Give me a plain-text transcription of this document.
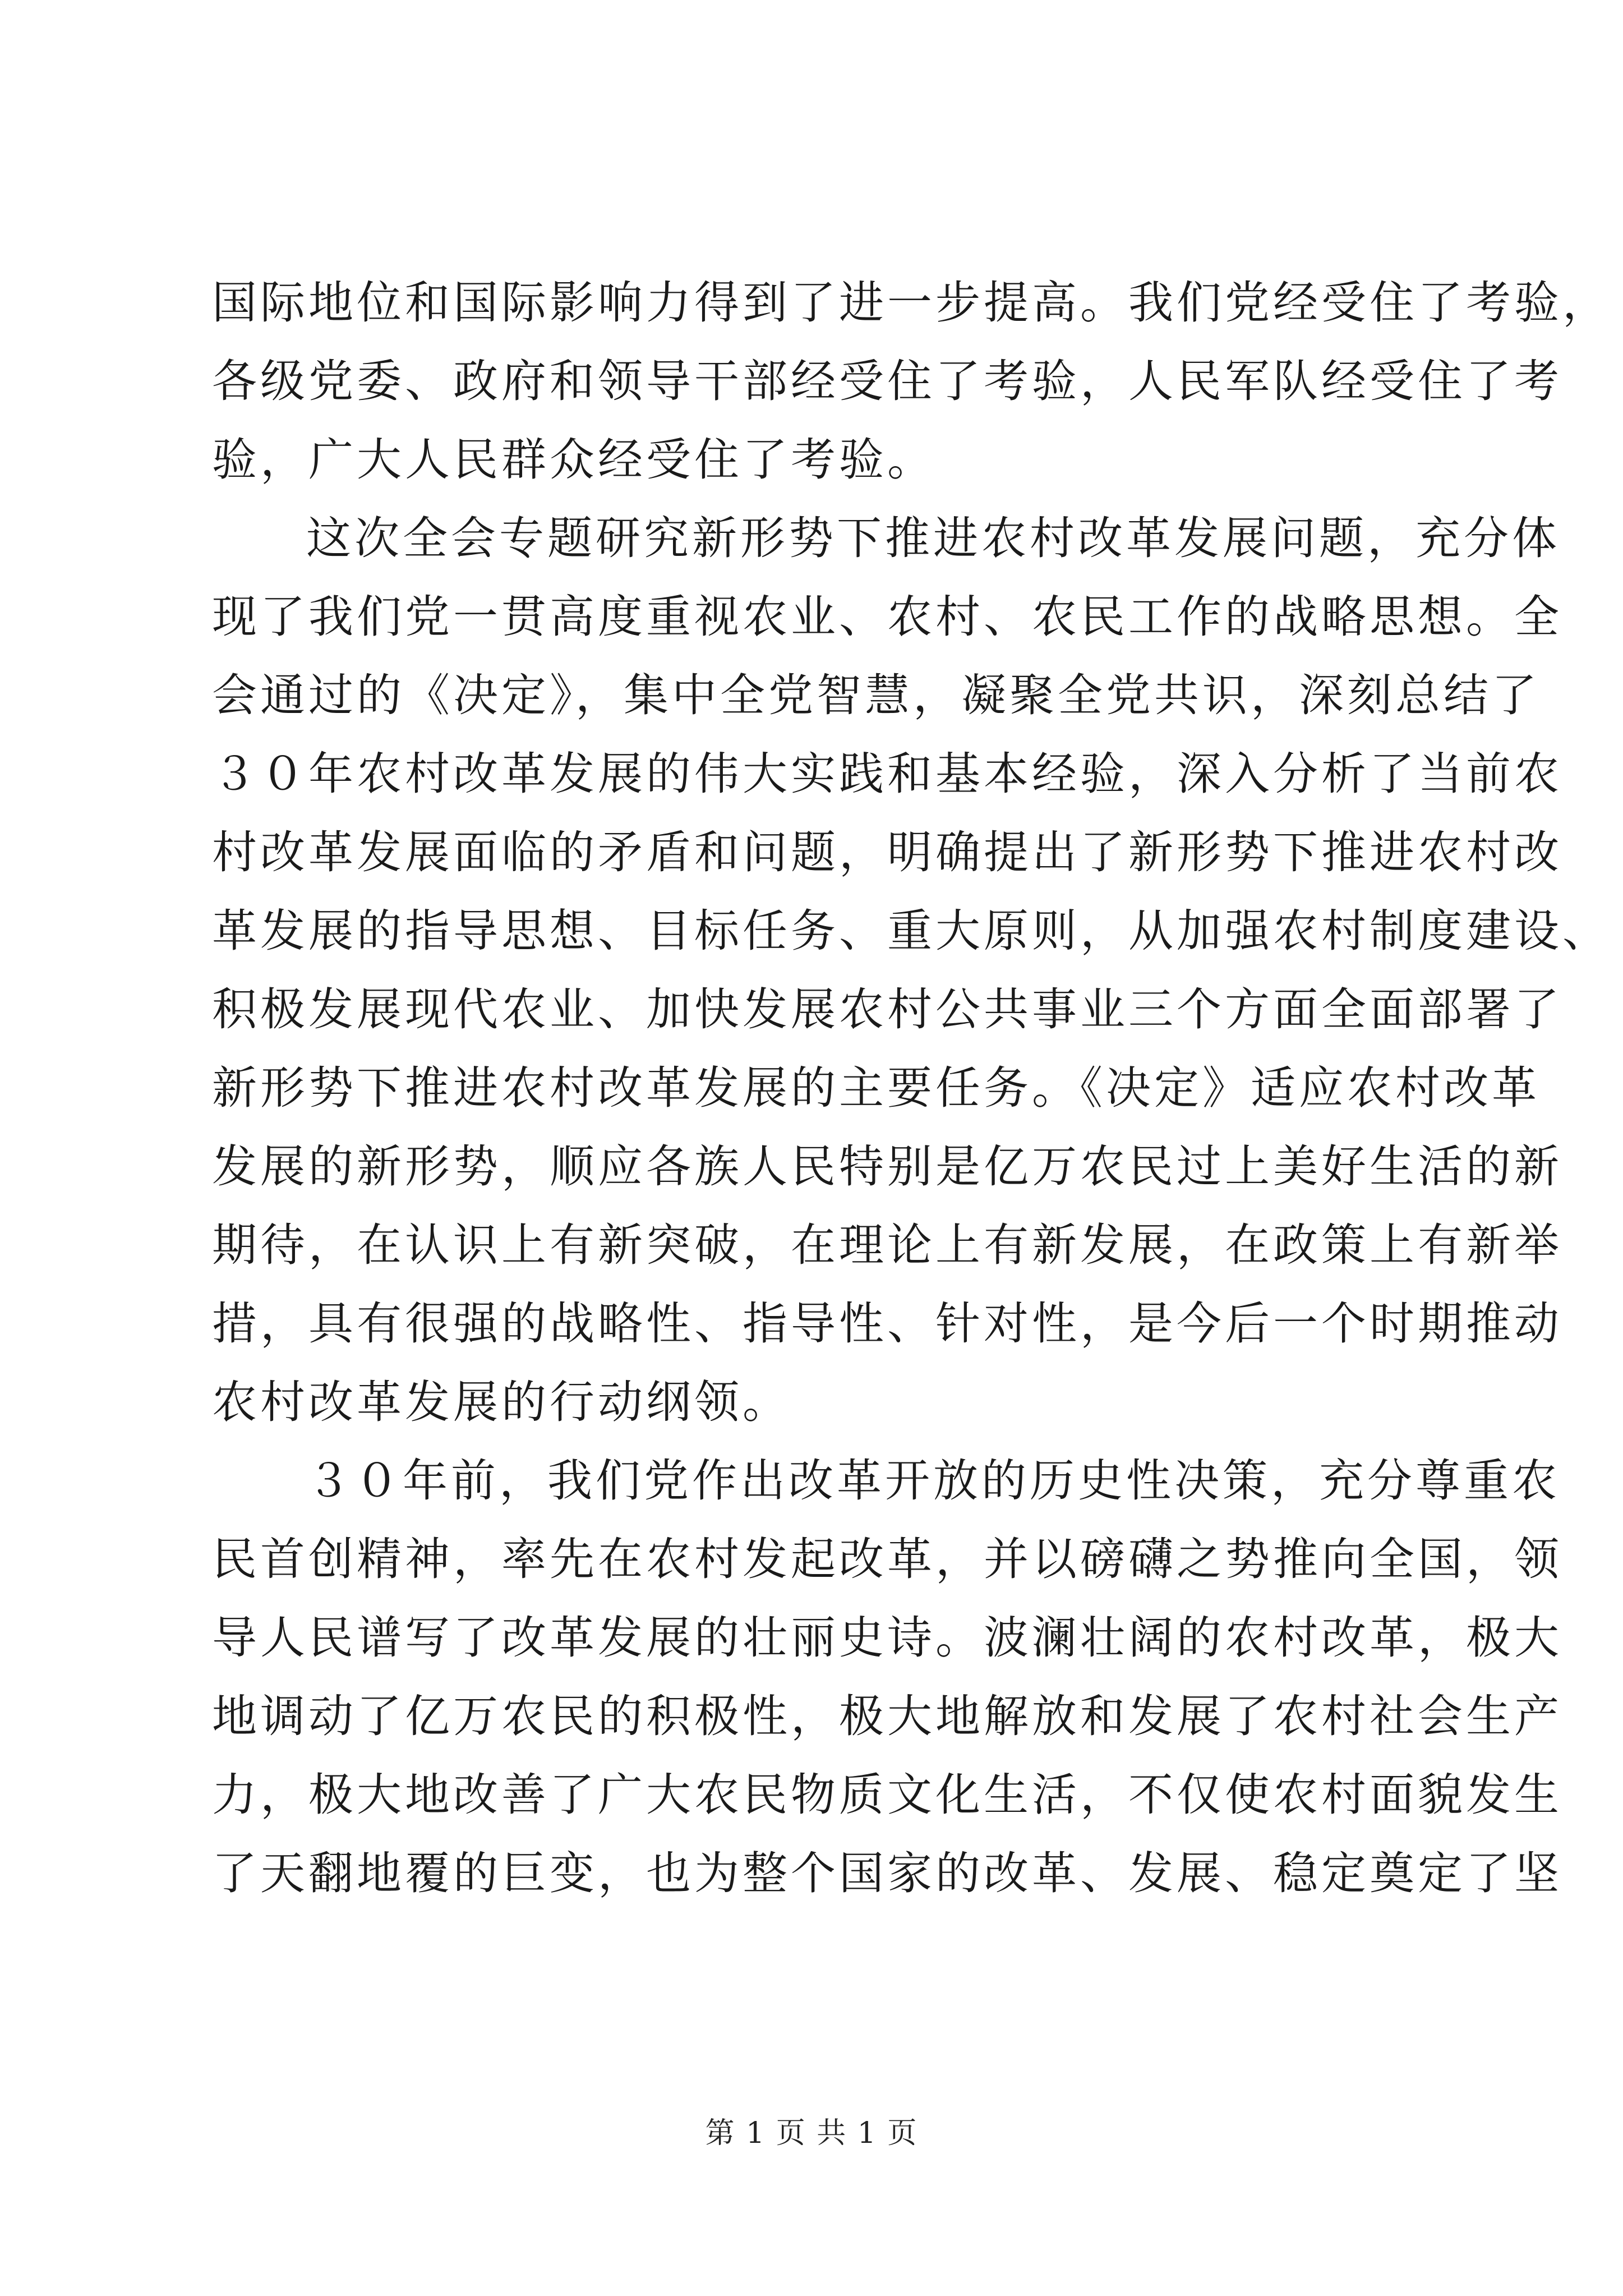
国际地位和国际影响力得到了进一步提高。我们党经受住了考验，
各级党委、政府和领导干部经受住了考验，人民军队经受住了考
验，广大人民群众经受住了考验。
这次全会专题研究新形势下推进农村改革发展问题，充分体
现了我们党一贯高度重视农业、农村、农民工作的战略思想。全
会通过的《决定》，集中全党智慧，凝聚全党共识，深刻总结了
３０年农村改革发展的伟大实践和基本经验，深入分析了当前农
村改革发展面临的矛盾和问题，明确提出了新形势下推进农村改
革发展的指导思想、目标任务、重大原则，从加强农村制度建设、
积极发展现代农业、加快发展农村公共事业三个方面全面部署了
新形势下推进农村改革发展的主要任务。《决定》适应农村改革
发展的新形势，顺应各族人民特别是亿万农民过上美好生活的新
期待，在认识上有新突破，在理论上有新发展，在政策上有新举
措，具有很强的战略性、指导性、针对性，是今后一个时期推动
农村改革发展的行动纲领。
３０年前，我们党作出改革开放的历史性决策，充分尊重农
民首创精神，率先在农村发起改革，并以磅礴之势推向全国，领
导人民谱写了改革发展的壮丽史诗。波澜壮阔的农村改革，极大
地调动了亿万农民的积极性，极大地解放和发展了农村社会生产
力，极大地改善了广大农民物质文化生活，不仅使农村面貌发生
了天翻地覆的巨变，也为整个国家的改革、发展、稳定奠定了坚
第 1 页 共 1 页
